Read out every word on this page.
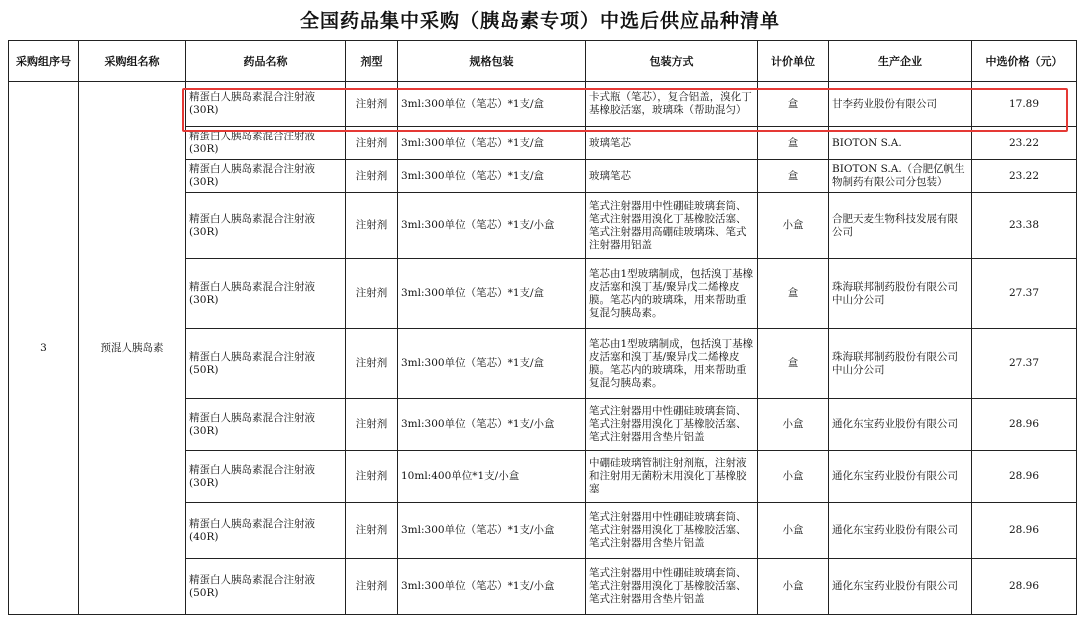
全国药品集中采购（胰岛素专项）中选后供应品种清单
采购组序号	采购组名称	药品名称	剂型	规格包装	包装方式	计价单位	生产企业	中选价格（元）
3	预混人胰岛素	精蛋白人胰岛素混合注射液(30R)	注射剂	3ml:300单位（笔芯）*1支/盒	卡式瓶（笔芯），复合铝盖，溴化丁基橡胶活塞，玻璃珠（帮助混匀）	盒	甘李药业股份有限公司	17.89
		精蛋白人胰岛素混合注射液(30R)	注射剂	3ml:300单位（笔芯）*1支/盒	玻璃笔芯	盒	BIOTON S.A.	23.22
		精蛋白人胰岛素混合注射液(30R)	注射剂	3ml:300单位（笔芯）*1支/盒	玻璃笔芯	盒	BIOTON S.A.（合肥亿帆生物制药有限公司分包装）	23.22
		精蛋白人胰岛素混合注射液(30R)	注射剂	3ml:300单位（笔芯）*1支/小盒	笔式注射器用中性硼硅玻璃套筒、笔式注射器用溴化丁基橡胶活塞、笔式注射器用高硼硅玻璃珠、笔式注射器用铝盖	小盒	合肥天麦生物科技发展有限公司	23.38
		精蛋白人胰岛素混合注射液(30R)	注射剂	3ml:300单位（笔芯）*1支/盒	笔芯由1型玻璃制成，包括溴丁基橡皮活塞和溴丁基/聚异戊二烯橡皮膜。笔芯内的玻璃珠，用来帮助重复混匀胰岛素。	盒	珠海联邦制药股份有限公司中山分公司	27.37
		精蛋白人胰岛素混合注射液(50R)	注射剂	3ml:300单位（笔芯）*1支/盒	笔芯由1型玻璃制成，包括溴丁基橡皮活塞和溴丁基/聚异戊二烯橡皮膜。笔芯内的玻璃珠，用来帮助重复混匀胰岛素。	盒	珠海联邦制药股份有限公司中山分公司	27.37
		精蛋白人胰岛素混合注射液(30R)	注射剂	3ml:300单位（笔芯）*1支/小盒	笔式注射器用中性硼硅玻璃套筒、笔式注射器用溴化丁基橡胶活塞、笔式注射器用含垫片铝盖	小盒	通化东宝药业股份有限公司	28.96
		精蛋白人胰岛素混合注射液(30R)	注射剂	10ml:400单位*1支/小盒	中硼硅玻璃管制注射剂瓶，注射液和注射用无菌粉末用溴化丁基橡胶塞	小盒	通化东宝药业股份有限公司	28.96
		精蛋白人胰岛素混合注射液(40R)	注射剂	3ml:300单位（笔芯）*1支/小盒	笔式注射器用中性硼硅玻璃套筒、笔式注射器用溴化丁基橡胶活塞、笔式注射器用含垫片铝盖	小盒	通化东宝药业股份有限公司	28.96
		精蛋白人胰岛素混合注射液(50R)	注射剂	3ml:300单位（笔芯）*1支/小盒	笔式注射器用中性硼硅玻璃套筒、笔式注射器用溴化丁基橡胶活塞、笔式注射器用含垫片铝盖	小盒	通化东宝药业股份有限公司	28.96
